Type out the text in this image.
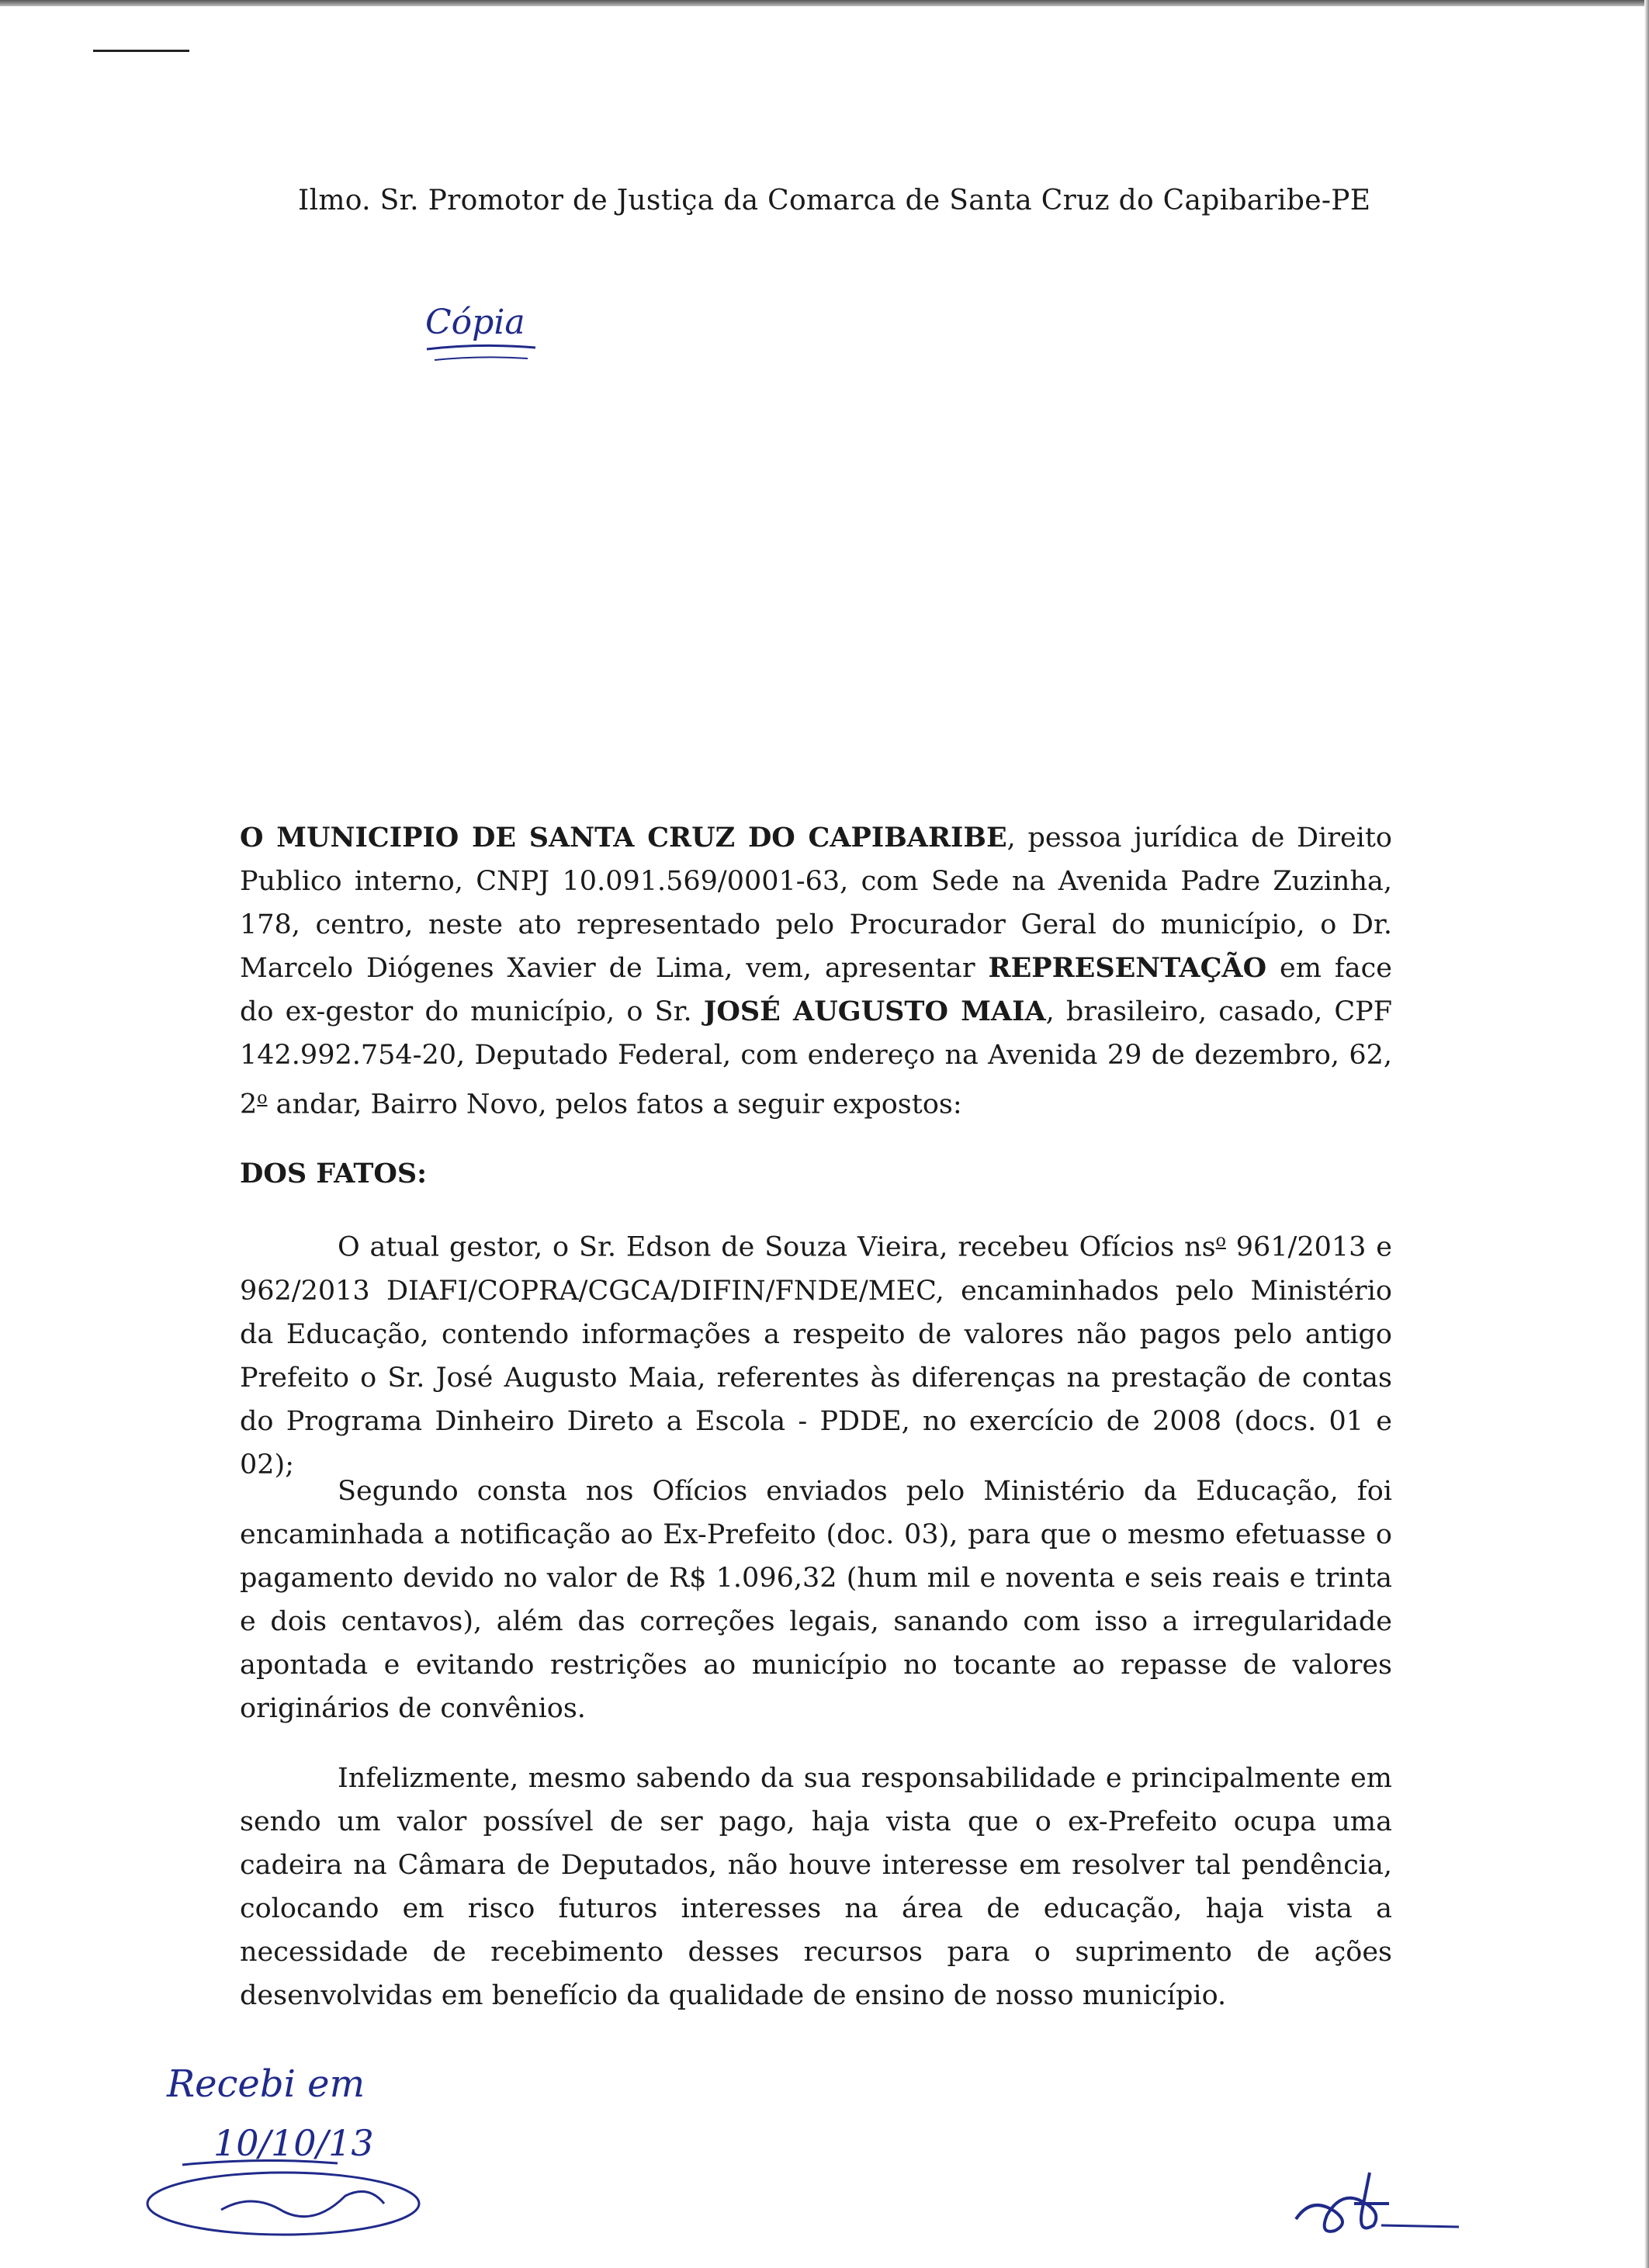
Ilmo. Sr. Promotor de Justiça da Comarca de Santa Cruz do Capibaribe-PE
Cópia
O MUNICIPIO DE SANTA CRUZ DO CAPIBARIBE, pessoa jurídica de Direito Publico interno, CNPJ 10.091.569/0001-63, com Sede na Avenida Padre Zuzinha, 178, centro, neste ato representado pelo Procurador Geral do município, o Dr. Marcelo Diógenes Xavier de Lima, vem, apresentar REPRESENTAÇÃO em face do ex-gestor do município, o Sr. JOSÉ AUGUSTO MAIA, brasileiro, casado, CPF 142.992.754-20, Deputado Federal, com endereço na Avenida 29 de dezembro, 62, 2$^o$ andar, Bairro Novo, pelos fatos a seguir expostos:
DOS FATOS:
O atual gestor, o Sr. Edson de Souza Vieira, recebeu Ofícios $ns^o$ 961/2013 e 962/2013 DIAFI/COPRA/CGCA/DIFIN/FNDE/MEC, encaminhados pelo Ministério da Educação, contendo informações a respeito de valores não pagos pelo antigo Prefeito o Sr. José Augusto Maia, referentes às diferenças na prestação de contas do Programa Dinheiro Direto a Escola - PDDE, no exercício de 2008 (docs. 01 e 02);
Segundo consta nos Ofícios enviados pelo Ministério da Educação, foi encaminhada a notificação ao Ex-Prefeito (doc. 03), para que o mesmo efetuasse o pagamento devido no valor de R$ 1.096,32 (hum mil e noventa e seis reais e trinta e dois centavos), além das correções legais, sanando com isso a irregularidade apontada e evitando restrições ao município no tocante ao repasse de valores originários de convênios.
Infelizmente, mesmo sabendo da sua responsabilidade e principalmente em sendo um valor possível de ser pago, haja vista que o ex-Prefeito ocupa uma cadeira na Câmara de Deputados, não houve interesse em resolver tal pendência, colocando em risco futuros interesses na área de educação, haja vista a necessidade de recebimento desses recursos para o suprimento de ações desenvolvidas em benefício da qualidade de ensino de nosso município.
Recebi em
10/10/13
